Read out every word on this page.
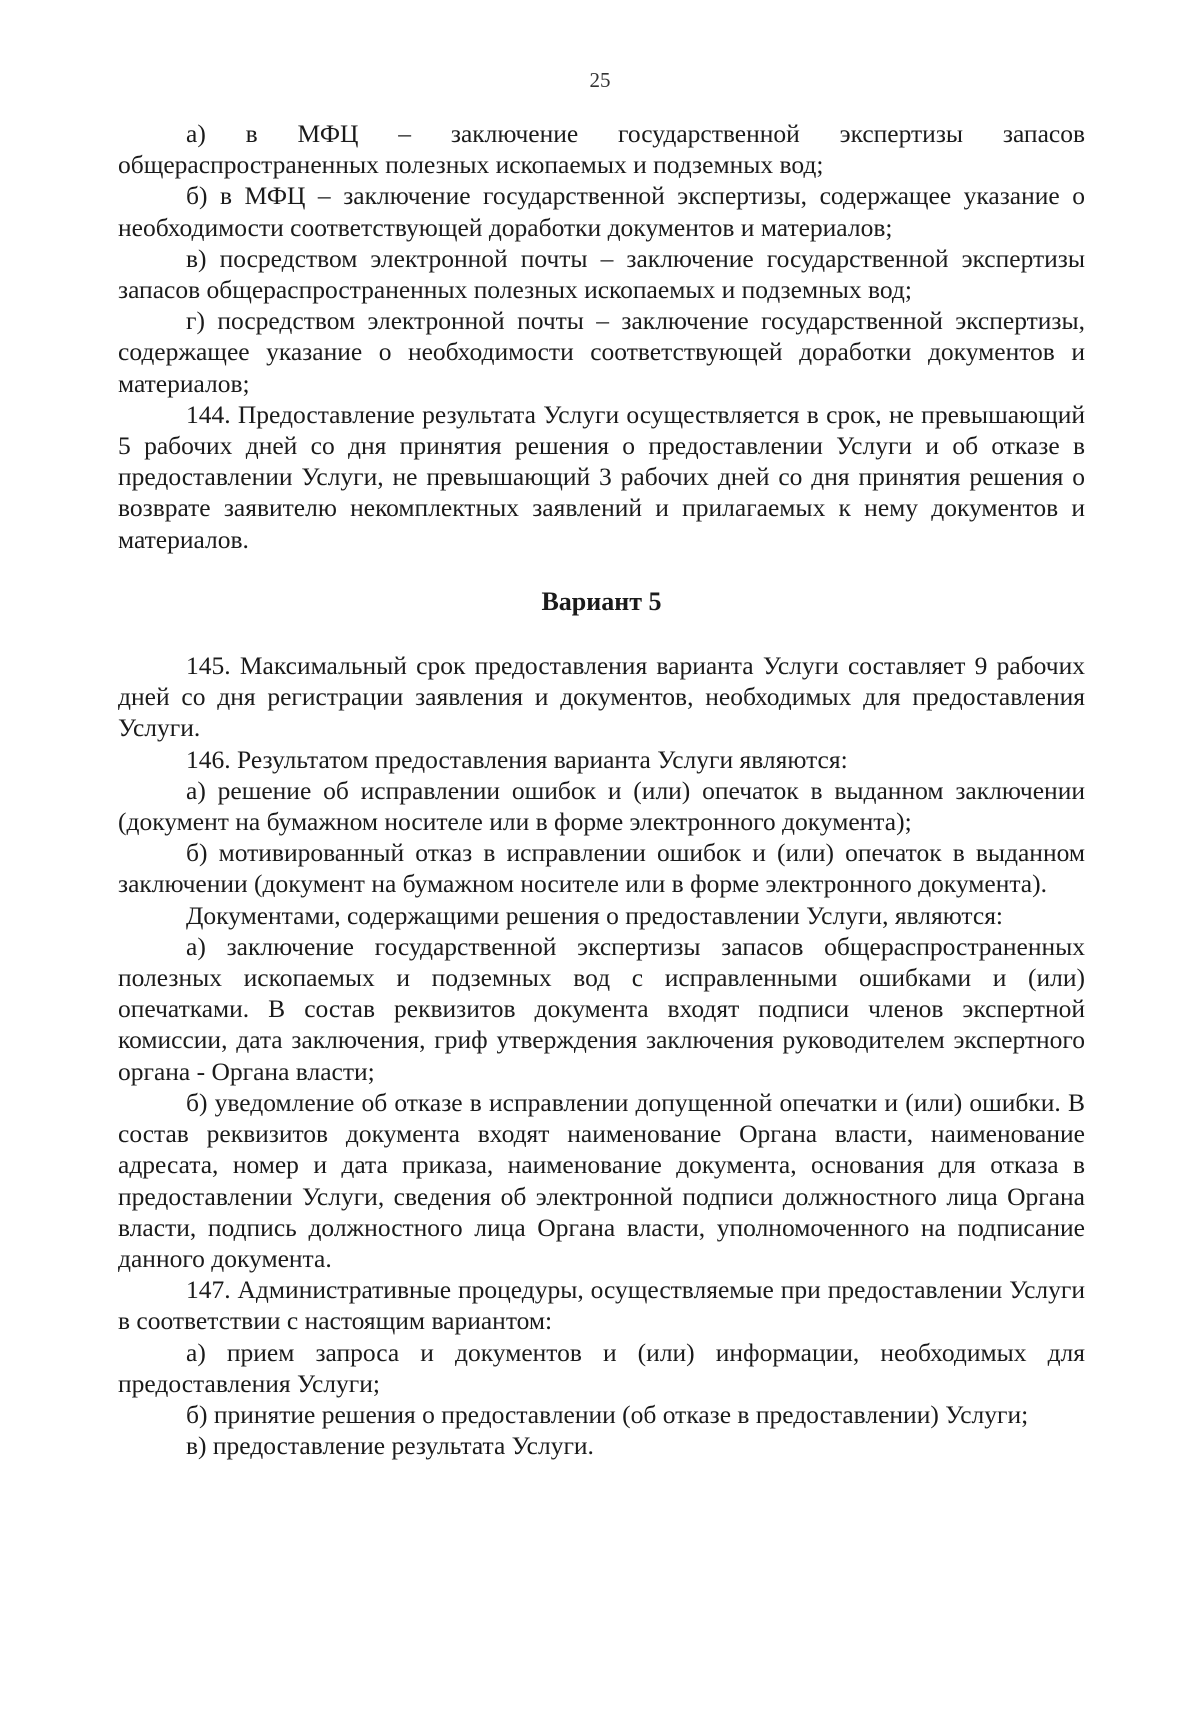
25

а) в МФЦ – заключение государственной экспертизы запасов общераспространенных полезных ископаемых и подземных вод;

б) в МФЦ – заключение государственной экспертизы, содержащее указание о необходимости соответствующей доработки документов и материалов;

в) посредством электронной почты – заключение государственной экспертизы запасов общераспространенных полезных ископаемых и подземных вод;

г) посредством электронной почты – заключение государственной экспертизы, содержащее указание о необходимости соответствующей доработки документов и материалов;

144. Предоставление результата Услуги осуществляется в срок, не превышающий 5 рабочих дней со дня принятия решения о предоставлении Услуги и об отказе в предоставлении Услуги, не превышающий 3 рабочих дней со дня принятия решения о возврате заявителю некомплектных заявлений и прилагаемых к нему документов и материалов.

Вариант 5

145. Максимальный срок предоставления варианта Услуги составляет 9 рабочих дней со дня регистрации заявления и документов, необходимых для предоставления Услуги.

146. Результатом предоставления варианта Услуги являются:

а) решение об исправлении ошибок и (или) опечаток в выданном заключении (документ на бумажном носителе или в форме электронного документа);

б) мотивированный отказ в исправлении ошибок и (или) опечаток в выданном заключении (документ на бумажном носителе или в форме электронного документа).

Документами, содержащими решения о предоставлении Услуги, являются:

а) заключение государственной экспертизы запасов общераспространенных полезных ископаемых и подземных вод с исправленными ошибками и (или) опечатками. В состав реквизитов документа входят подписи членов экспертной комиссии, дата заключения, гриф утверждения заключения руководителем экспертного органа - Органа власти;

б) уведомление об отказе в исправлении допущенной опечатки и (или) ошибки. В состав реквизитов документа входят наименование Органа власти, наименование адресата, номер и дата приказа, наименование документа, основания для отказа в предоставлении Услуги, сведения об электронной подписи должностного лица Органа власти, подпись должностного лица Органа власти, уполномоченного на подписание данного документа.

147. Административные процедуры, осуществляемые при предоставлении Услуги в соответствии с настоящим вариантом:

а) прием запроса и документов и (или) информации, необходимых для предоставления Услуги;

б) принятие решения о предоставлении (об отказе в предоставлении) Услуги;

в) предоставление результата Услуги.
